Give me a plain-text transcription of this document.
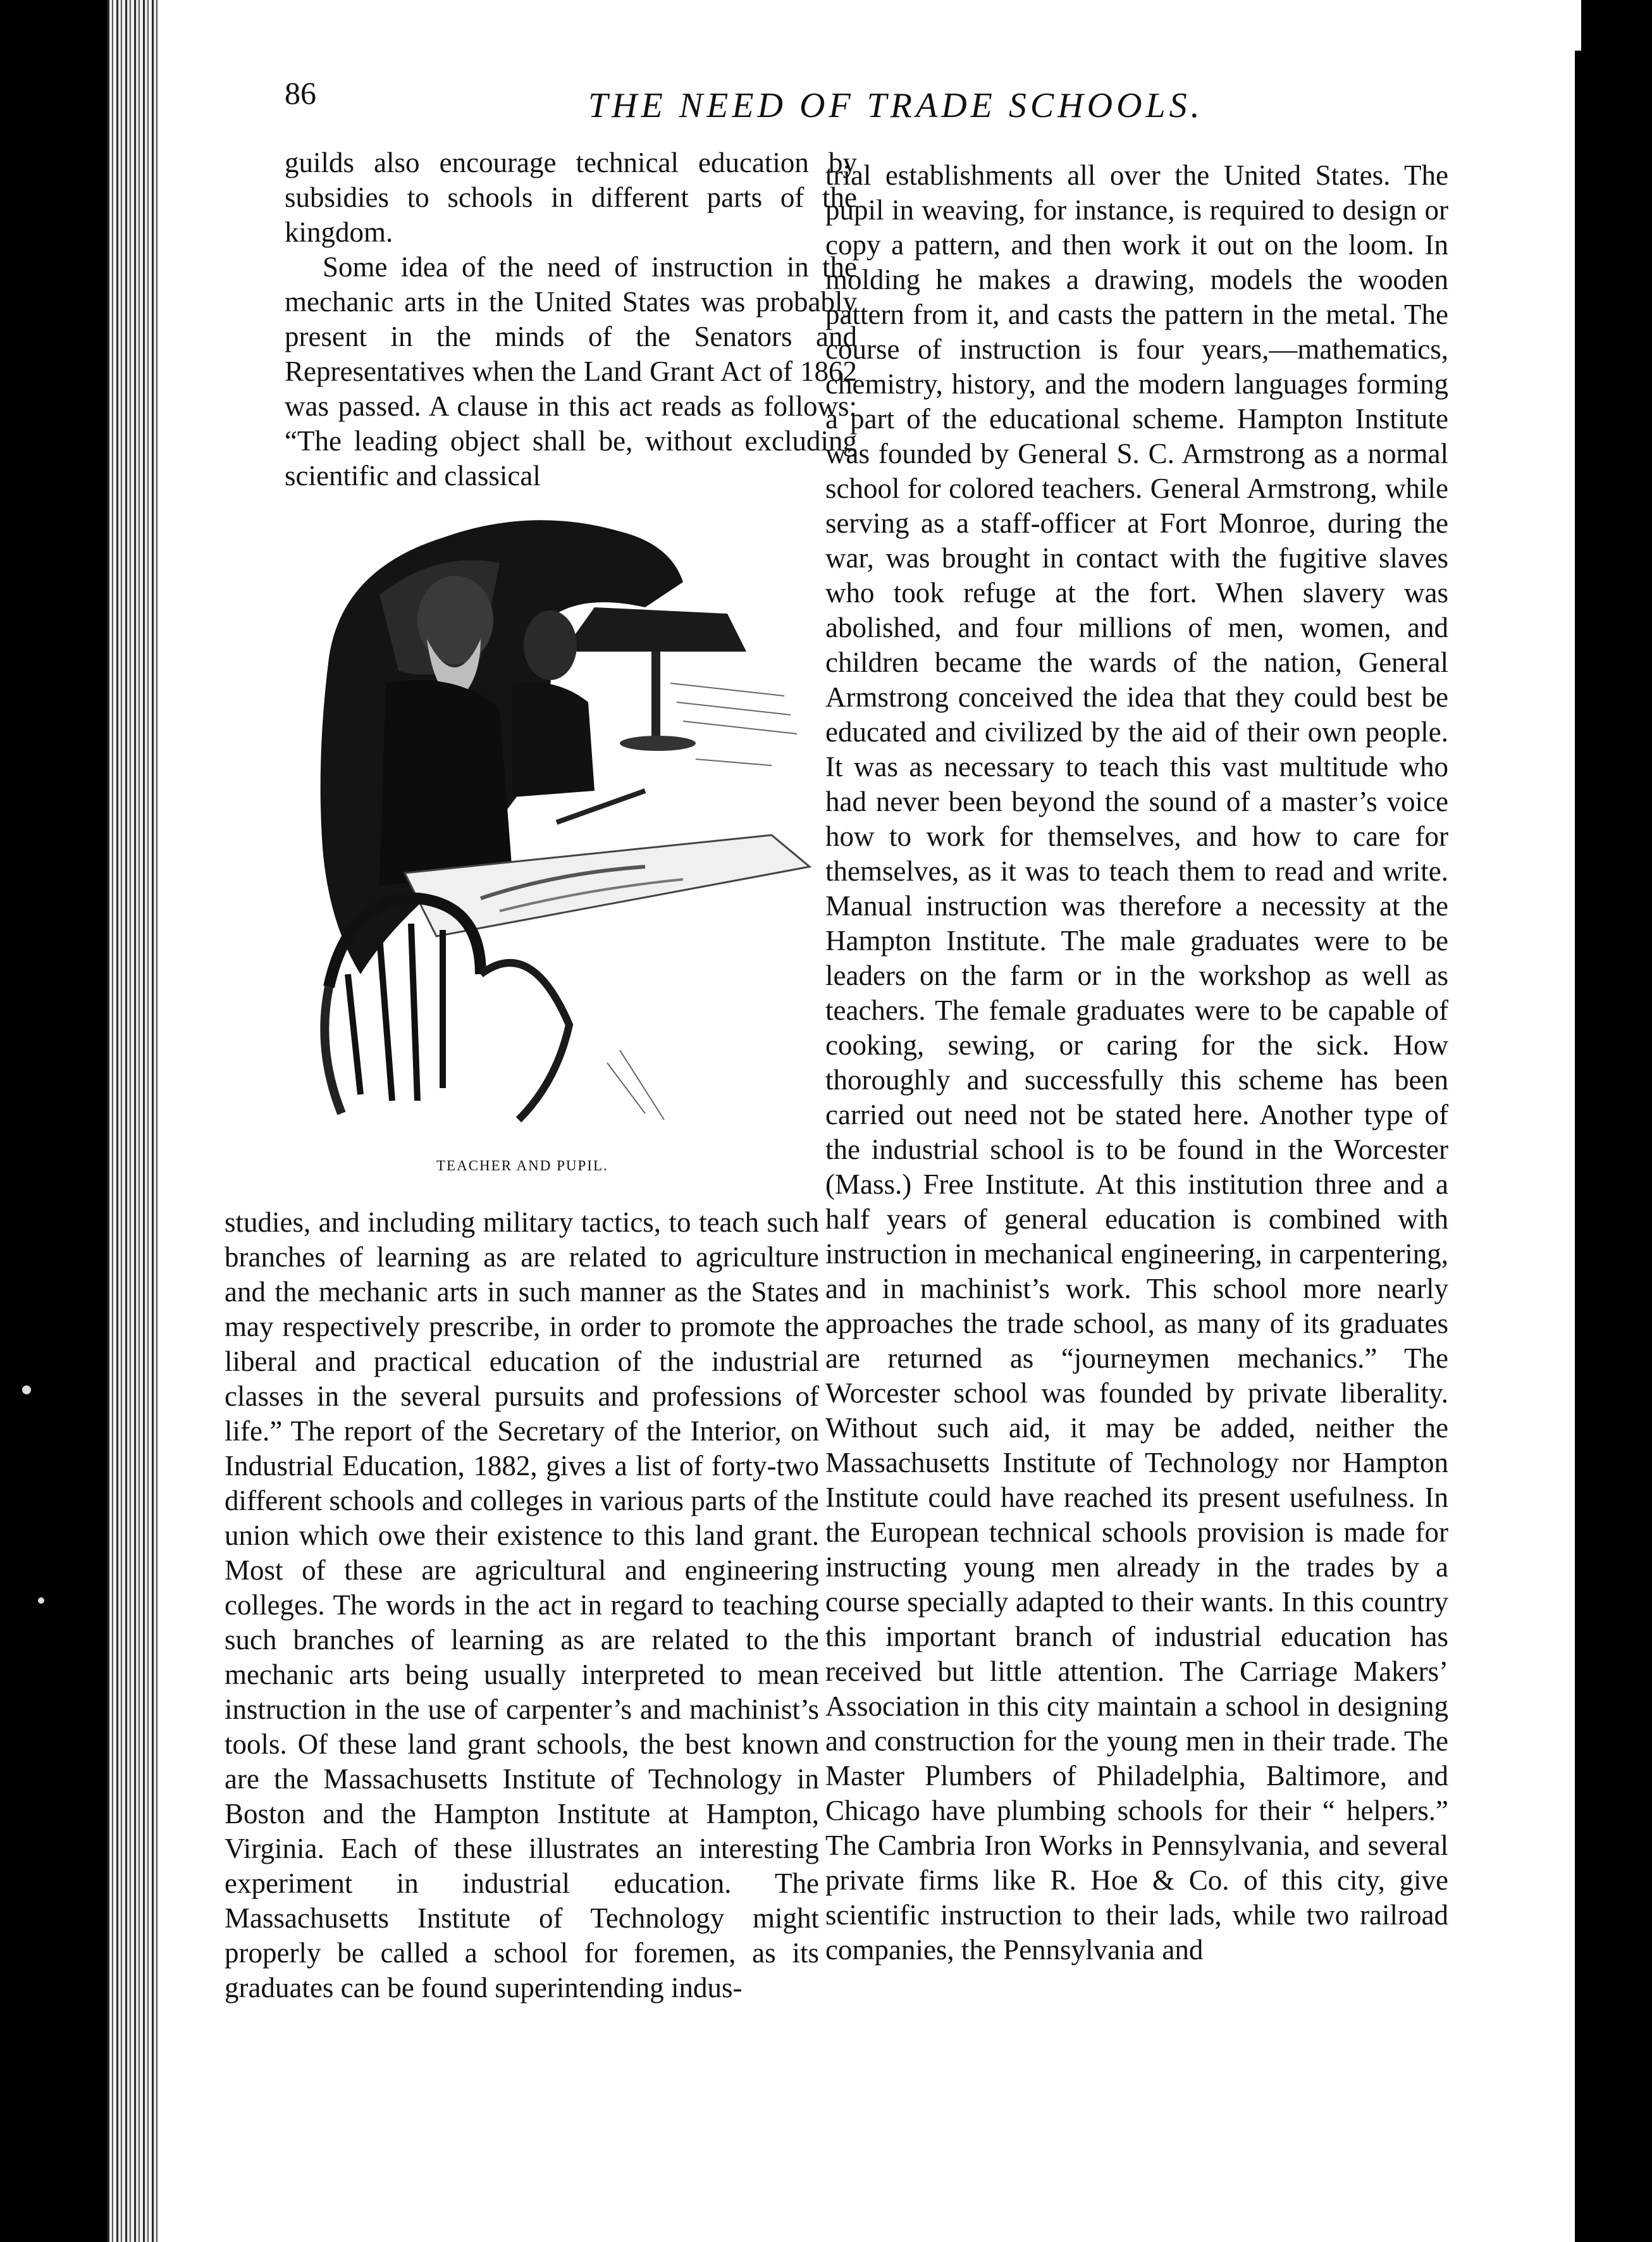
86	THE NEED OF TRADE SCHOOLS.

guilds also encourage technical education by subsidies to schools in different parts of the kingdom.

Some idea of the need of instruction in the mechanic arts in the United States was probably present in the minds of the Senators and Representatives when the Land Grant Act of 1862 was passed. A clause in this act reads as follows: “The leading object shall be, without excluding scientific and classical

TEACHER AND PUPIL.

studies, and including military tactics, to teach such branches of learning as are related to agriculture and the mechanic arts in such manner as the States may respectively prescribe, in order to promote the liberal and practical education of the industrial classes in the several pursuits and professions of life.” The report of the Secretary of the Interior, on Industrial Education, 1882, gives a list of forty-two different schools and colleges in various parts of the union which owe their existence to this land grant. Most of these are agricultural and engineering colleges. The words in the act in regard to teaching such branches of learning as are related to the mechanic arts being usually interpreted to mean instruction in the use of carpenter’s and machinist’s tools. Of these land grant schools, the best known are the Massachusetts Institute of Technology in Boston and the Hampton Institute at Hampton, Virginia. Each of these illustrates an interesting experiment in industrial education. The Massachusetts Institute of Technology might properly be called a school for foremen, as its graduates can be found superintending indus-

trial establishments all over the United States. The pupil in weaving, for instance, is required to design or copy a pattern, and then work it out on the loom. In molding he makes a drawing, models the wooden pattern from it, and casts the pattern in the metal. The course of instruction is four years,—mathematics, chemistry, history, and the modern languages forming a part of the educational scheme. Hampton Institute was founded by General S. C. Armstrong as a normal school for colored teachers. General Armstrong, while serving as a staff-officer at Fort Monroe, during the war, was brought in contact with the fugitive slaves who took refuge at the fort. When slavery was abolished, and four millions of men, women, and children became the wards of the nation, General Armstrong conceived the idea that they could best be educated and civilized by the aid of their own people. It was as necessary to teach this vast multitude who had never been beyond the sound of a master’s voice how to work for themselves, and how to care for themselves, as it was to teach them to read and write. Manual instruction was therefore a necessity at the Hampton Institute. The male graduates were to be leaders on the farm or in the workshop as well as teachers. The female graduates were to be capable of cooking, sewing, or caring for the sick. How thoroughly and successfully this scheme has been carried out need not be stated here. Another type of the industrial school is to be found in the Worcester (Mass.) Free Institute. At this institution three and a half years of general education is combined with instruction in mechanical engineering, in carpentering, and in machinist’s work. This school more nearly approaches the trade school, as many of its graduates are returned as “journeymen mechanics.” The Worcester school was founded by private liberality. Without such aid, it may be added, neither the Massachusetts Institute of Technology nor Hampton Institute could have reached its present usefulness. In the European technical schools provision is made for instructing young men already in the trades by a course specially adapted to their wants. In this country this important branch of industrial education has received but little attention. The Carriage Makers’ Association in this city maintain a school in designing and construction for the young men in their trade. The Master Plumbers of Philadelphia, Baltimore, and Chicago have plumbing schools for their “ helpers.” The Cambria Iron Works in Pennsylvania, and several private firms like R. Hoe & Co. of this city, give scientific instruction to their lads, while two railroad companies, the Pennsylvania and
